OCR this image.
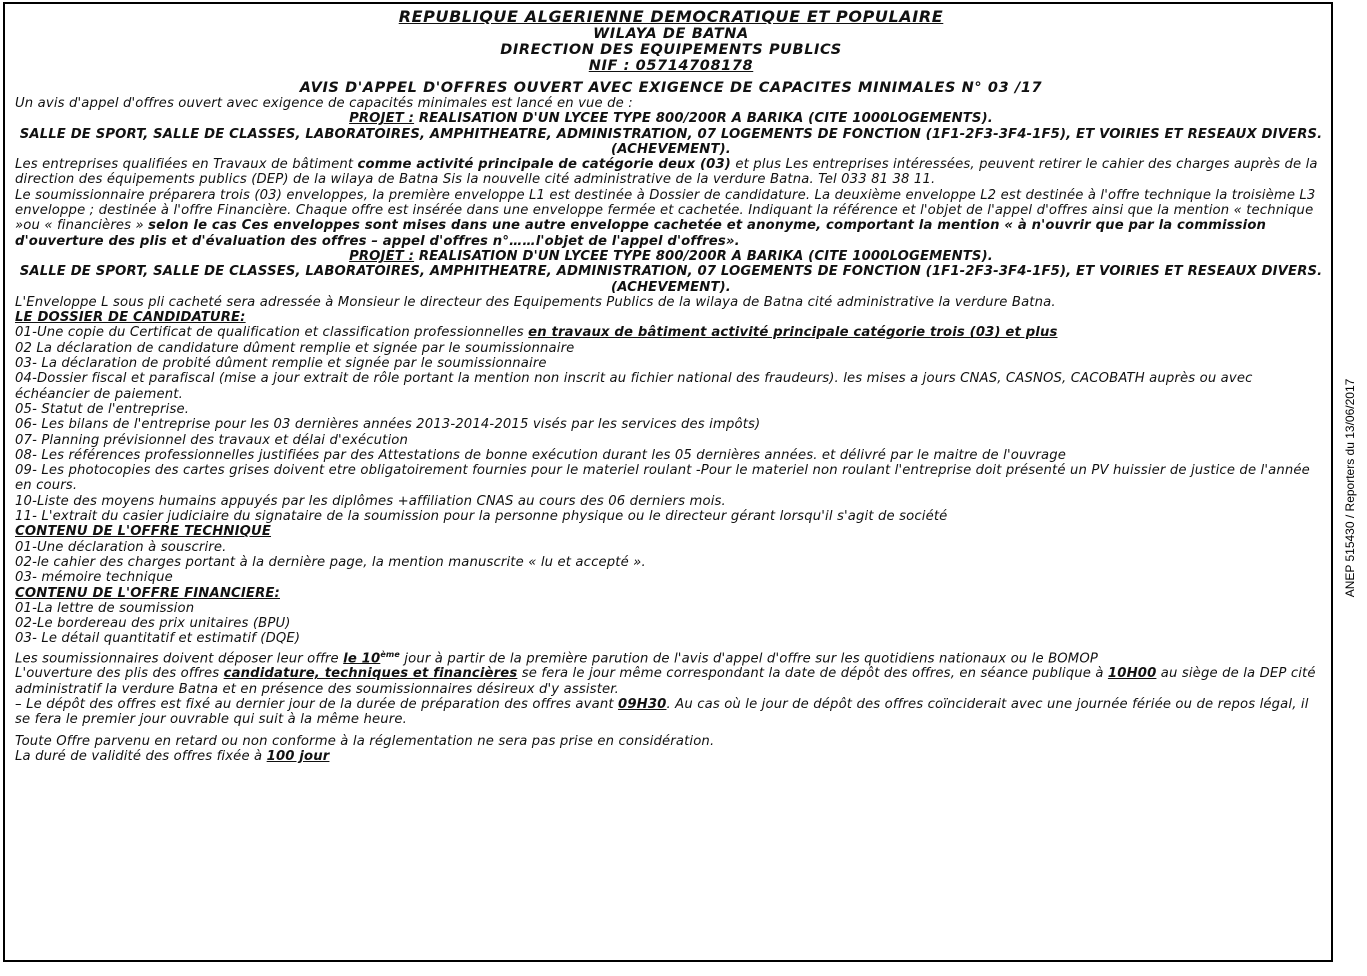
REPUBLIQUE ALGERIENNE DEMOCRATIQUE ET POPULAIRE

WILAYA DE BATNA

DIRECTION DES EQUIPEMENTS PUBLICS

NIF : 05714708178

AVIS D'APPEL D'OFFRES OUVERT AVEC EXIGENCE DE CAPACITES MINIMALES N° 03 /17

Un avis d'appel d'offres ouvert avec exigence de capacités minimales est lancé en vue de :

PROJET : REALISATION D'UN LYCEE TYPE 800/200R A BARIKA (CITE 1000LOGEMENTS).

SALLE DE SPORT, SALLE DE CLASSES, LABORATOIRES, AMPHITHEATRE, ADMINISTRATION, 07 LOGEMENTS DE FONCTION (1F1-2F3-3F4-1F5), ET VOIRIES ET RESEAUX DIVERS. (ACHEVEMENT).

Les entreprises qualifiées en Travaux de bâtiment comme activité principale de catégorie deux (03) et plus Les entreprises intéressées, peuvent retirer le cahier des charges auprès de la direction des équipements publics (DEP) de la wilaya de Batna Sis la nouvelle cité administrative de la verdure Batna. Tel 033 81 38 11.

Le soumissionnaire préparera trois (03) enveloppes, la première enveloppe L1 est destinée à Dossier de candidature. La deuxième enveloppe L2 est destinée à l'offre technique la troisième L3 enveloppe ; destinée à l'offre Financière. Chaque offre est insérée dans une enveloppe fermée et cachetée. Indiquant la référence et l'objet de l'appel d'offres ainsi que la mention « technique »ou « financières » selon le cas Ces enveloppes sont mises dans une autre enveloppe cachetée et anonyme, comportant la mention « à n'ouvrir que par la commission d'ouverture des plis et d'évaluation des offres – appel d'offres n°……l'objet de l'appel d'offres».

PROJET : REALISATION D'UN LYCEE TYPE 800/200R A BARIKA (CITE 1000LOGEMENTS).

SALLE DE SPORT, SALLE DE CLASSES, LABORATOIRES, AMPHITHEATRE, ADMINISTRATION, 07 LOGEMENTS DE FONCTION (1F1-2F3-3F4-1F5), ET VOIRIES ET RESEAUX DIVERS. (ACHEVEMENT).

L'Enveloppe L sous pli cacheté sera adressée à Monsieur le directeur des Equipements Publics de la wilaya de Batna cité administrative la verdure Batna.

LE DOSSIER DE CANDIDATURE:

01-Une copie du Certificat de qualification et classification professionnelles en travaux de bâtiment activité principale catégorie trois (03) et plus

02 La déclaration de candidature dûment remplie et signée par le soumissionnaire

03- La déclaration de probité dûment remplie et signée par le soumissionnaire

04-Dossier fiscal et parafiscal (mise a jour extrait de rôle portant la mention non inscrit au fichier national des fraudeurs). les mises a jours CNAS, CASNOS, CACOBATH auprès ou avec échéancier de paiement.

05- Statut de l'entreprise.

06- Les bilans de l'entreprise pour les 03 dernières années 2013-2014-2015 visés par les services des impôts)

07- Planning prévisionnel des travaux et délai d'exécution

08- Les références professionnelles justifiées par des Attestations de bonne exécution durant les 05 dernières années. et délivré par le maitre de l'ouvrage

09- Les photocopies des cartes grises doivent etre obligatoirement fournies pour le materiel roulant -Pour le materiel non roulant l'entreprise doit présenté un PV huissier de justice de l'année en cours.

10-Liste des moyens humains appuyés par les diplômes +affiliation CNAS au cours des 06 derniers mois.

11- L'extrait du casier judiciaire du signataire de la soumission pour la personne physique ou le directeur gérant lorsqu'il s'agit de société

CONTENU DE L'OFFRE TECHNIQUE

01-Une déclaration à souscrire.

02-le cahier des charges portant à la dernière page, la mention manuscrite « lu et accepté ».

03- mémoire technique

CONTENU DE L'OFFRE FINANCIERE:

01-La lettre de soumission

02-Le bordereau des prix unitaires (BPU)

03- Le détail quantitatif et estimatif (DQE)

Les soumissionnaires doivent déposer leur offre le 10ème jour à partir de la première parution de l'avis d'appel d'offre sur les quotidiens nationaux ou le BOMOP

L'ouverture des plis des offres candidature, techniques et financières se fera le jour même correspondant la date de dépôt des offres, en séance publique à 10H00 au siège de la DEP cité administratif la verdure Batna et en présence des soumissionnaires désireux d'y assister.

– Le dépôt des offres est fixé au dernier jour de la durée de préparation des offres avant 09H30. Au cas où le jour de dépôt des offres coïnciderait avec une journée fériée ou de repos légal, il se fera le premier jour ouvrable qui suit à la même heure.

Toute Offre parvenu en retard ou non conforme à la réglementation ne sera pas prise en considération.

La duré de validité des offres fixée à 100 jour

ANEP 515430 / Reporters du 13/06/2017
